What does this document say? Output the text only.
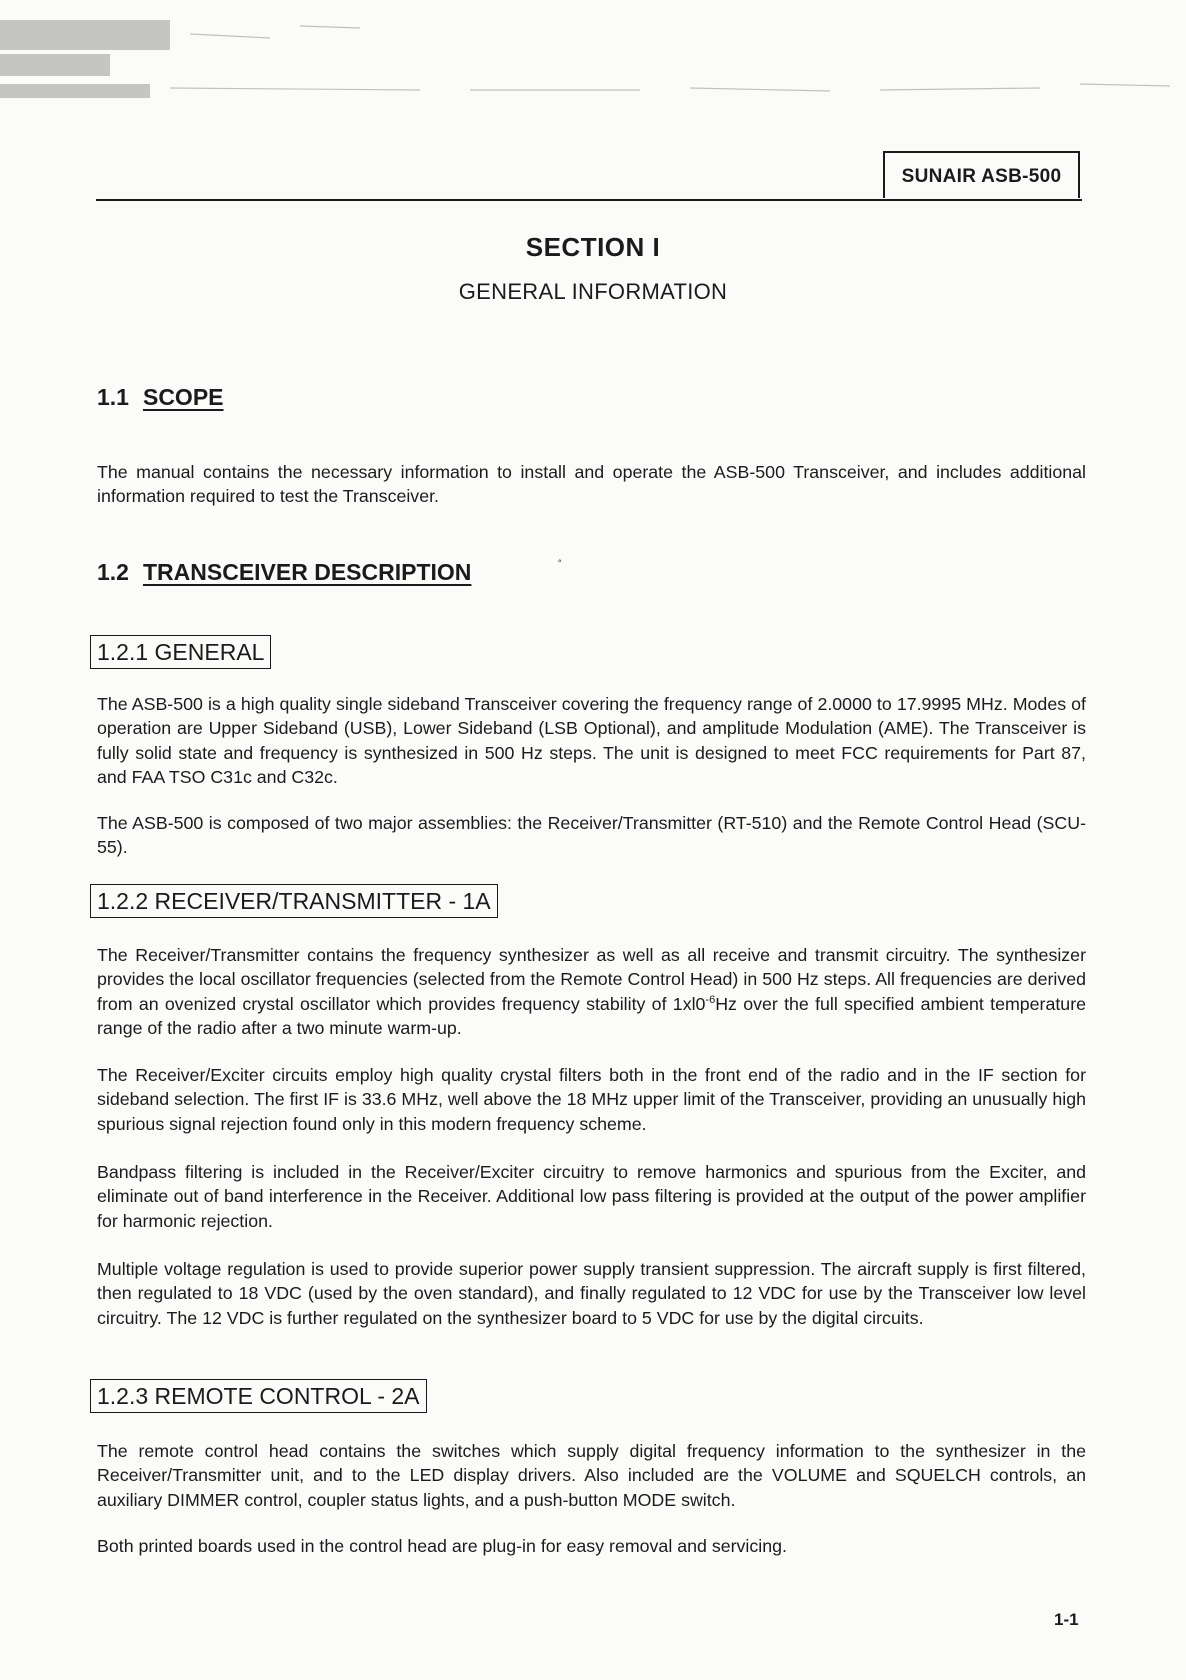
SUNAIR ASB-500
SECTION I
GENERAL INFORMATION
1.1 SCOPE

The manual contains the necessary information to install and operate the ASB-500 Transceiver, and includes additional information required to test the Transceiver.

1.2 TRANSCEIVER DESCRIPTION	˚
1.2.1 GENERAL

The ASB-500 is a high quality single sideband Transceiver covering the frequency range of 2.0000 to 17.9995 MHz. Modes of operation are Upper Sideband (USB), Lower Sideband (LSB Optional), and amplitude Modulation (AME). The Transceiver is fully solid state and frequency is synthesized in 500 Hz steps. The unit is designed to meet FCC requirements for Part 87, and FAA TSO C31c and C32c.

The ASB-500 is composed of two major assemblies: the Receiver/Transmitter (RT-510) and the Remote Control Head (SCU-55).

1.2.2 RECEIVER/TRANSMITTER - 1A

The Receiver/Transmitter contains the frequency synthesizer as well as all receive and transmit circuitry. The synthesizer provides the local oscillator frequencies (selected from the Remote Control Head) in 500 Hz steps. All frequencies are derived from an ovenized crystal oscillator which provides frequency stability of $1xl0^{-6}Hz$ over the full specified ambient temperature range of the radio after a two minute warm-up.

The Receiver/Exciter circuits employ high quality crystal filters both in the front end of the radio and in the IF section for sideband selection. The first IF is 33.6 MHz, well above the 18 MHz upper limit of the Transceiver, providing an unusually high spurious signal rejection found only in this modern frequency scheme.

Bandpass filtering is included in the Receiver/Exciter circuitry to remove harmonics and spurious from the Exciter, and eliminate out of band interference in the Receiver. Additional low pass filtering is provided at the output of the power amplifier for harmonic rejection.

Multiple voltage regulation is used to provide superior power supply transient suppression. The aircraft supply is first filtered, then regulated to 18 VDC (used by the oven standard), and finally regulated to 12 VDC for use by the Transceiver low level circuitry. The 12 VDC is further regulated on the synthesizer board to 5 VDC for use by the digital circuits.

1.2.3 REMOTE CONTROL - 2A

The remote control head contains the switches which supply digital frequency information to the synthesizer in the Receiver/Transmitter unit, and to the LED display drivers. Also included are the VOLUME and SQUELCH controls, an auxiliary DIMMER control, coupler status lights, and a push-button MODE switch.

Both printed boards used in the control head are plug-in for easy removal and servicing.

1-1
